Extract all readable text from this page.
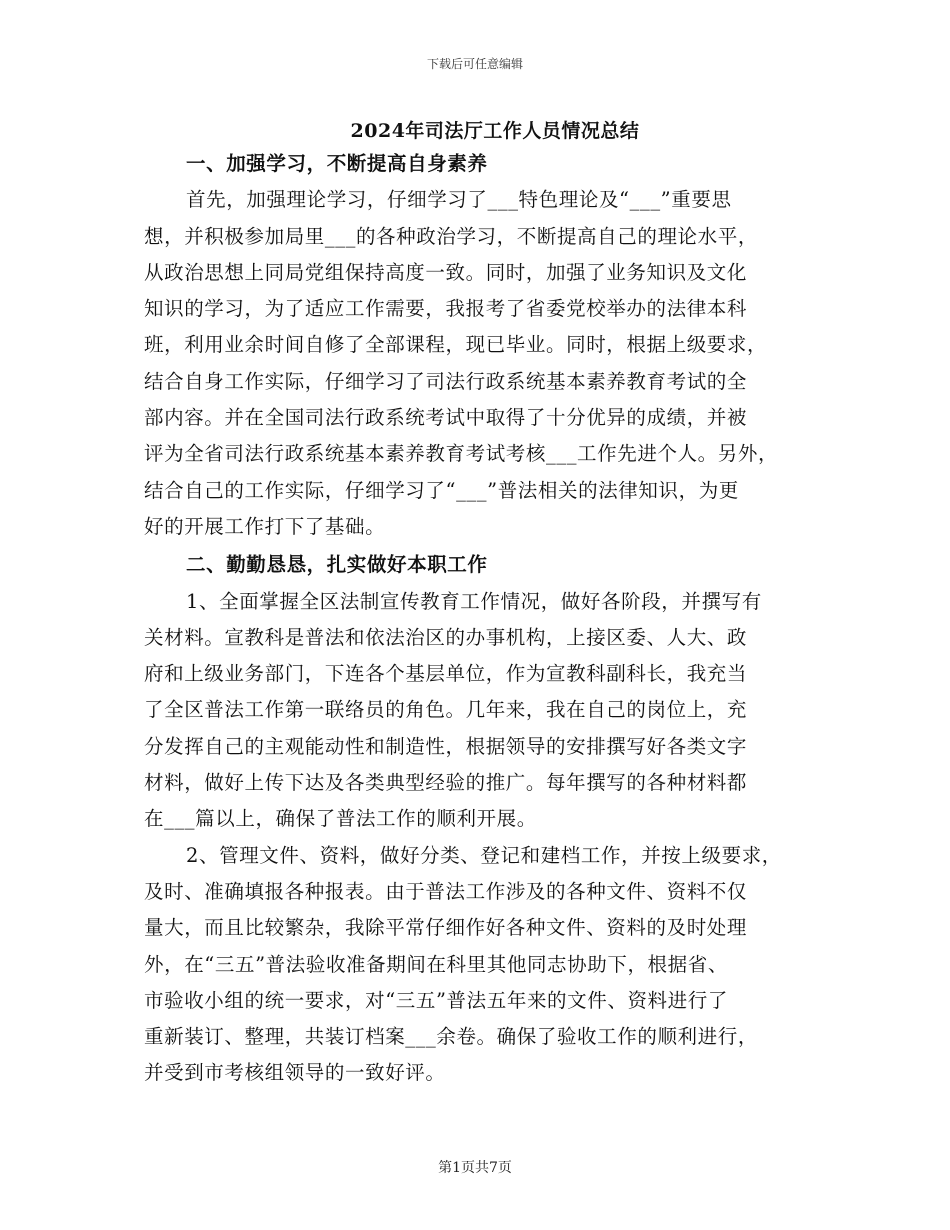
下载后可任意编辑
2024年司法厅工作人员情况总结
一、加强学习，不断提高自身素养
首先，加强理论学习，仔细学习了___特色理论及“___”重要思
想，并积极参加局里___的各种政治学习，不断提高自己的理论水平，
从政治思想上同局党组保持高度一致。同时，加强了业务知识及文化
知识的学习，为了适应工作需要，我报考了省委党校举办的法律本科
班，利用业余时间自修了全部课程，现已毕业。同时，根据上级要求，
结合自身工作实际，仔细学习了司法行政系统基本素养教育考试的全
部内容。并在全国司法行政系统考试中取得了十分优异的成绩，并被
评为全省司法行政系统基本素养教育考试考核___工作先进个人。另外，
结合自己的工作实际，仔细学习了“___”普法相关的法律知识，为更
好的开展工作打下了基础。
二、勤勤恳恳，扎实做好本职工作
1、全面掌握全区法制宣传教育工作情况，做好各阶段，并撰写有
关材料。宣教科是普法和依法治区的办事机构，上接区委、人大、政
府和上级业务部门，下连各个基层单位，作为宣教科副科长，我充当
了全区普法工作第一联络员的角色。几年来，我在自己的岗位上，充
分发挥自己的主观能动性和制造性，根据领导的安排撰写好各类文字
材料，做好上传下达及各类典型经验的推广。每年撰写的各种材料都
在___篇以上，确保了普法工作的顺利开展。
2、管理文件、资料，做好分类、登记和建档工作，并按上级要求，
及时、准确填报各种报表。由于普法工作涉及的各种文件、资料不仅
量大，而且比较繁杂，我除平常仔细作好各种文件、资料的及时处理
外，在“三五”普法验收准备期间在科里其他同志协助下，根据省、
市验收小组的统一要求，对“三五”普法五年来的文件、资料进行了
重新装订、整理，共装订档案___余卷。确保了验收工作的顺利进行，
并受到市考核组领导的一致好评。
第1页共7页
